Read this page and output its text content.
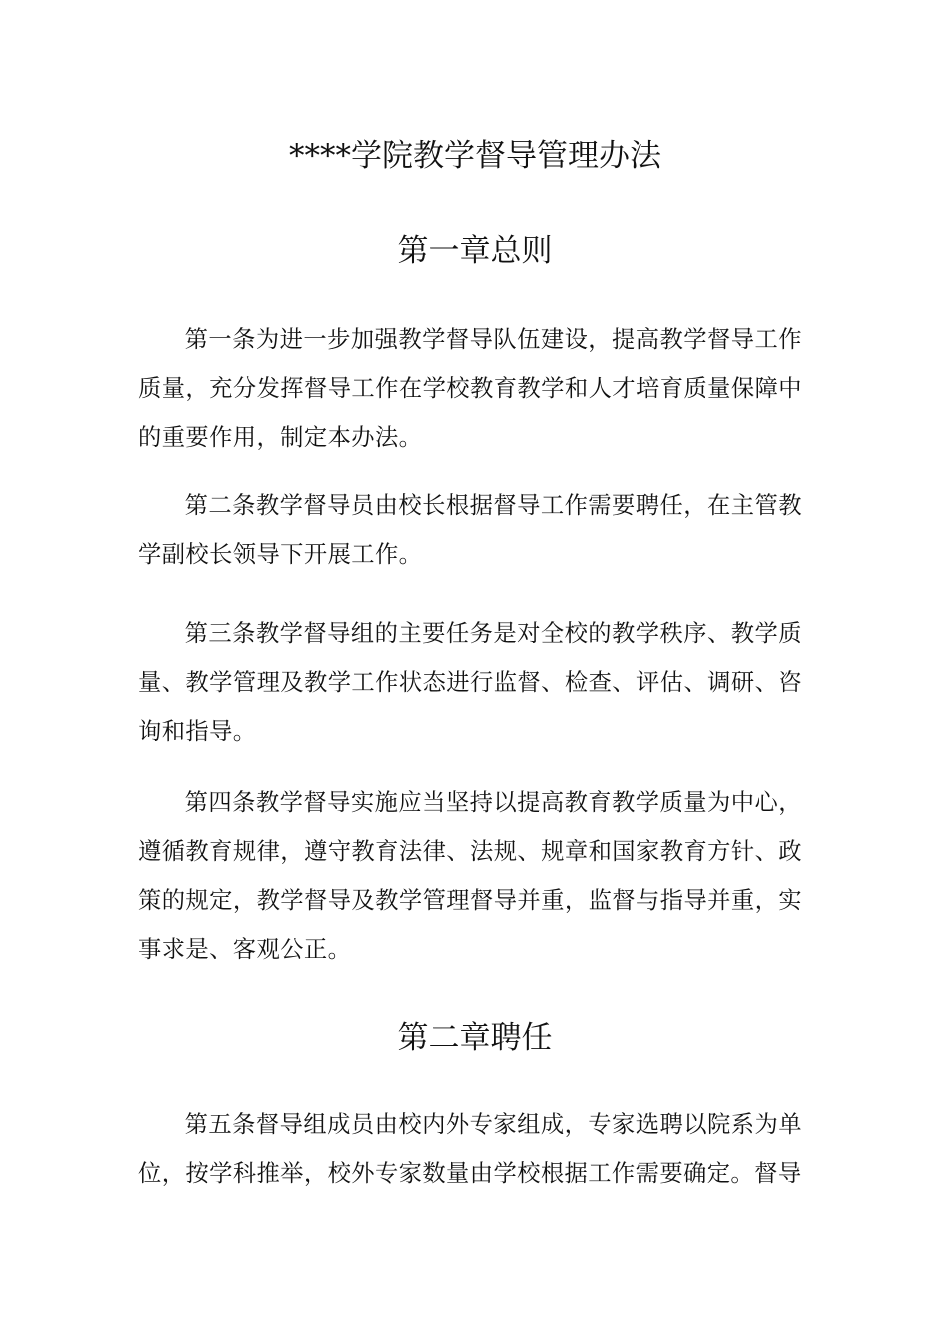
****学院教学督导管理办法
第一章总则

第一条为进一步加强教学督导队伍建设，提高教学督导工作质量，充分发挥督导工作在学校教育教学和人才培育质量保障中的重要作用，制定本办法。

第二条教学督导员由校长根据督导工作需要聘任，在主管教学副校长领导下开展工作。

第三条教学督导组的主要任务是对全校的教学秩序、教学质量、教学管理及教学工作状态进行监督、检查、评估、调研、咨询和指导。

第四条教学督导实施应当坚持以提高教育教学质量为中心，遵循教育规律，遵守教育法律、法规、规章和国家教育方针、政策的规定，教学督导及教学管理督导并重，监督与指导并重，实事求是、客观公正。

第二章聘任

第五条督导组成员由校内外专家组成，专家选聘以院系为单位，按学科推举，校外专家数量由学校根据工作需要确定。督导
